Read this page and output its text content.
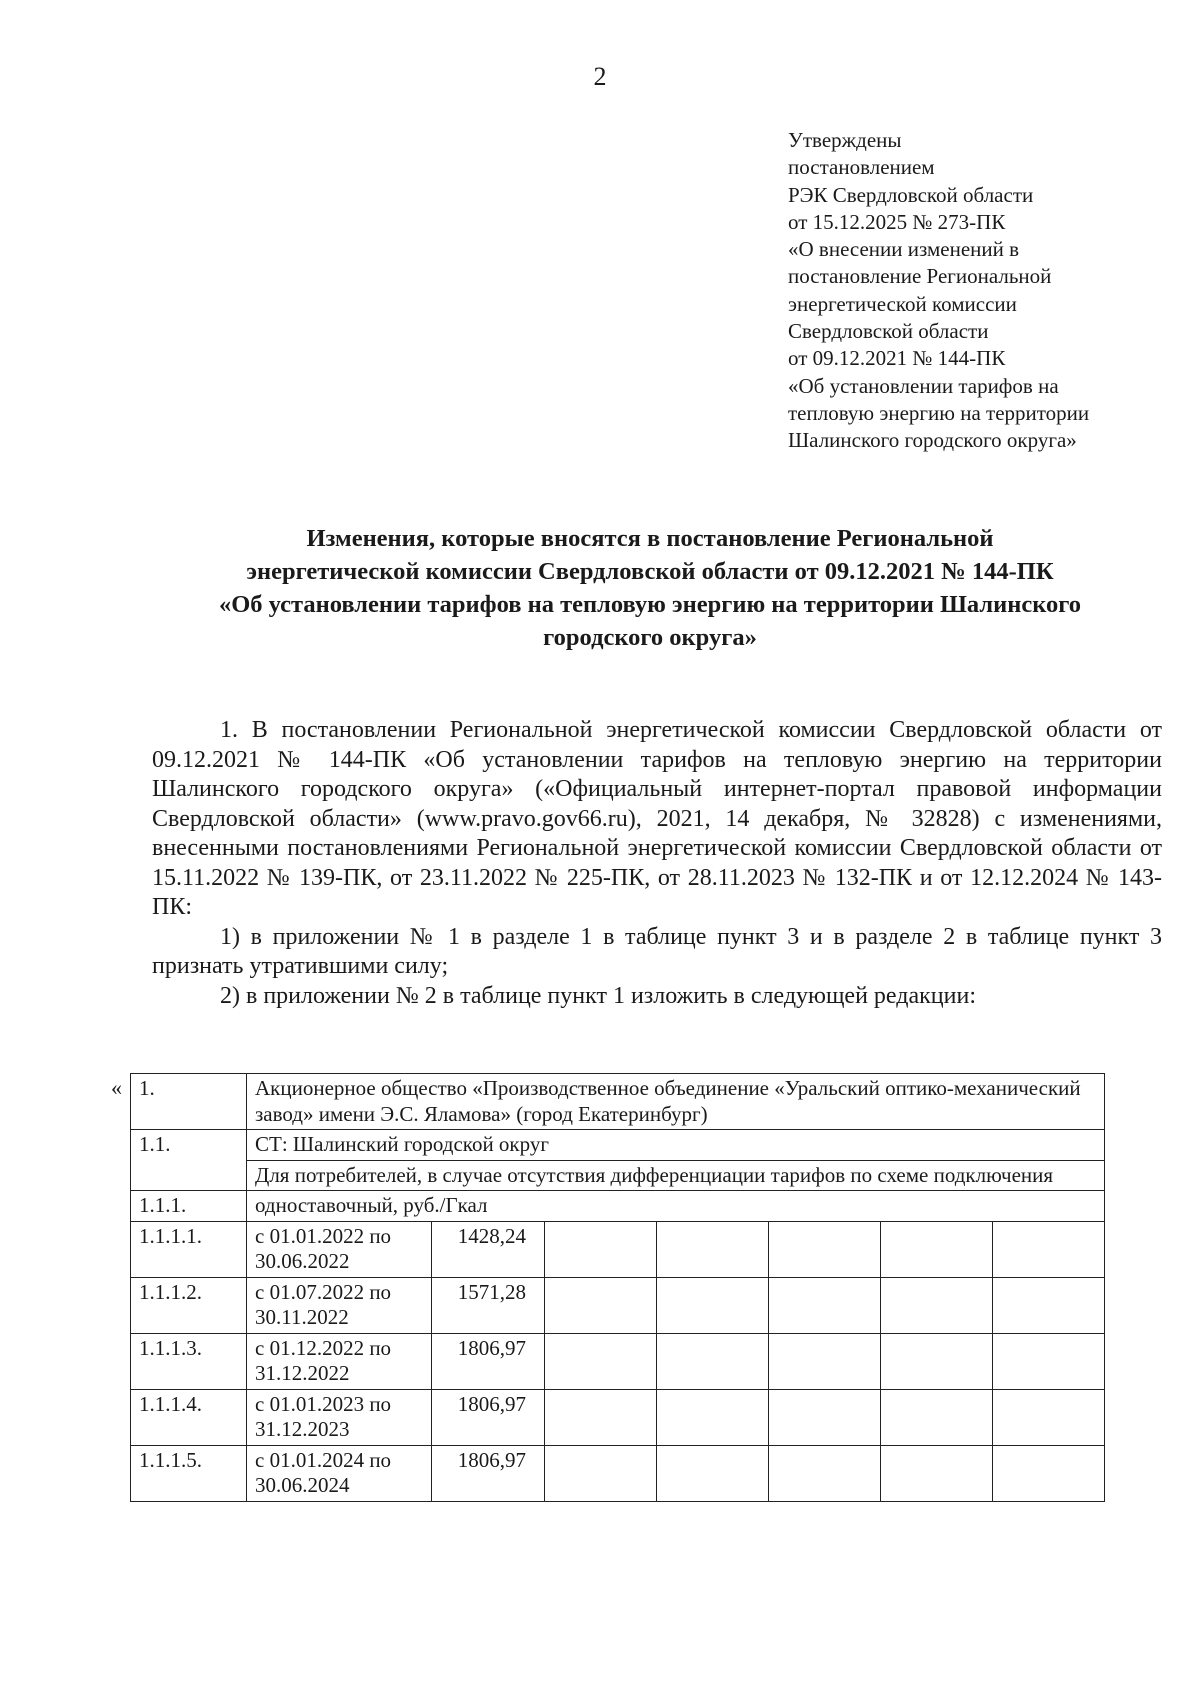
2
Утверждены
постановлением
РЭК Свердловской области
от 15.12.2025 № 273-ПК
«О внесении изменений в
постановление Региональной
энергетической комиссии
Свердловской области
от 09.12.2021 № 144-ПК
«Об установлении тарифов на
тепловую энергию на территории
Шалинского городского округа»
Изменения, которые вносятся в постановление Региональной
энергетической комиссии Свердловской области от 09.12.2021 № 144-ПК
«Об установлении тарифов на тепловую энергию на территории Шалинского
городского округа»

1. В постановлении Региональной энергетической комиссии Свердловской области от 09.12.2021 № 144-ПК «Об установлении тарифов на тепловую энергию на территории Шалинского городского округа» («Официальный интернет-портал правовой информации Свердловской области» (www.pravo.gov66.ru), 2021, 14 декабря, № 32828) с изменениями, внесенными постановлениями Региональной энергетической комиссии Свердловской области от 15.11.2022 № 139-ПК, от 23.11.2022 № 225-ПК, от 28.11.2023 № 132-ПК и от 12.12.2024 № 143-ПК:

1) в приложении № 1 в разделе 1 в таблице пункт 3 и в разделе 2 в таблице пункт 3 признать утратившими силу;

2) в приложении № 2 в таблице пункт 1 изложить в следующей редакции:

« 1.	Акционерное общество «Производственное объединение «Уральский оптико-механический завод» имени Э.С. Яламова» (город Екатеринбург)						
1.1.	СТ: Шалинский городской округ						
	Для потребителей, в случае отсутствия дифференциации тарифов по схеме подключения						
1.1.1.	одноставочный, руб./Гкал						
1.1.1.1.	с 01.01.2022 по 30.06.2022	1428,24					
1.1.1.2.	с 01.07.2022 по 30.11.2022	1571,28					
1.1.1.3.	с 01.12.2022 по 31.12.2022	1806,97					
1.1.1.4.	с 01.01.2023 по 31.12.2023	1806,97					
1.1.1.5.	с 01.01.2024 по 30.06.2024	1806,97					
